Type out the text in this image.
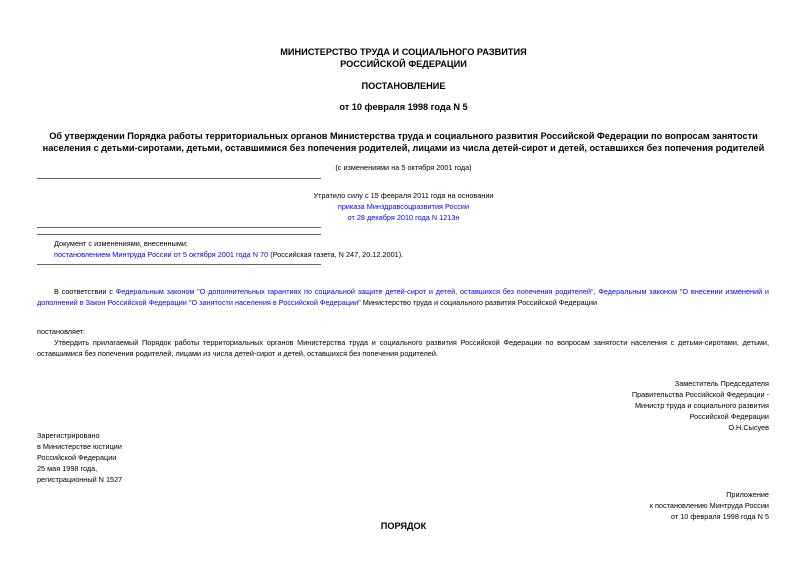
МИНИСТЕРСТВО ТРУДА И СОЦИАЛЬНОГО РАЗВИТИЯ
РОССИЙСКОЙ ФЕДЕРАЦИИ
ПОСТАНОВЛЕНИЕ
от 10 февраля 1998 года N 5
Об утверждении Порядка работы территориальных органов Министерства труда и социального развития Российской Федерации по вопросам занятости
населения с детьми-сиротами, детьми, оставшимися без попечения родителей, лицами из числа детей-сирот и детей, оставшихся без попечения родителей
(с изменениями на 5 октября 2001 года)
Утратило силу с 15 февраля 2011 года на основании
приказа Минздравсоцразвития России
от 28 декабря 2010 года N 1213н
Документ с изменениями, внесенными:
постановлением Минтруда России от 5 октября 2001 года N 70 (Российская газета, N 247, 20.12.2001).
В соответствии с Федеральным законом "О дополнительных гарантиях по социальной защите детей-сирот и детей, оставшихся без попечения родителей", Федеральным законом "О внесении изменений и дополнений в Закон Российской Федерации "О занятости населения в Российской Федерации" Министерство труда и социального развития Российской Федерации
постановляет:
Утвердить прилагаемый Порядок работы территориальных органов Министерства труда и социального развития Российской Федерации по вопросам занятости населения с детьми-сиротами, детьми, оставшимися без попечения родителей, лицами из числа детей-сирот и детей, оставшихся без попечения родителей.
Заместитель Председателя
Правительства Российской Федерации -
Министр труда и социального развития
Российской Федерации
О.Н.Сысуев
Зарегистрировано
в Министерстве юстиции
Российской Федерации
25 мая 1998 года,
регистрационный N 1527
Приложение
к постановлению Минтруда России
от 10 февраля 1998 года N 5
ПОРЯДОК
